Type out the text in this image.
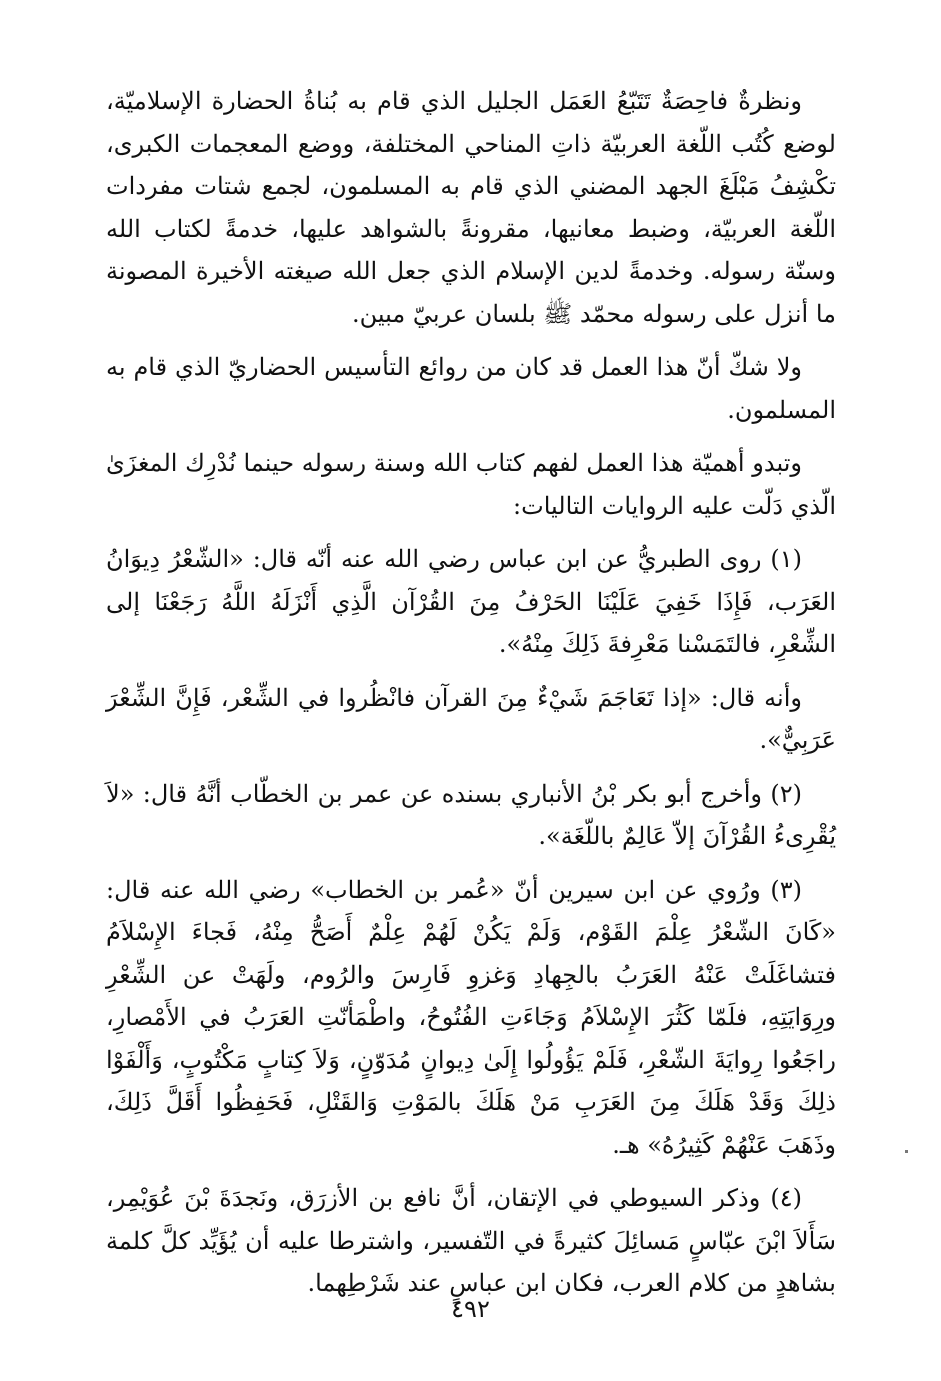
ونظرةٌ فاحِصَةٌ تَتَبّعُ العَمَل الجليل الذي قام به بُناةُ الحضارة الإسلاميّة، لوضع كُتُب اللّغة العربيّة ذاتِ المناحي المختلفة، ووضع المعجمات الكبرى، تكْشِفُ مَبْلَغَ الجهد المضني الذي قام به المسلمون، لجمع شتات مفردات اللّغة العربيّة، وضبط معانيها، مقرونةً بالشواهد عليها، خدمةً لكتاب الله وسنّة رسوله. وخدمةً لدين الإسلام الذي جعل الله صيغته الأخيرة المصونة ما أنزل على رسوله محمّد ﷺ بلسان عربيّ مبين.

ولا شكّ أنّ هذا العمل قد كان من روائع التأسيس الحضاريّ الذي قام به المسلمون.

وتبدو أهميّة هذا العمل لفهم كتاب الله وسنة رسوله حينما نُدْرِك المغزَىٰ الّذي دَلّت عليه الروايات التاليات:

(١) روى الطبريُّ عن ابن عباس رضي الله عنه أنّه قال: «الشّعْرُ دِيوَانُ العَرَب، فَإِذَا خَفِيَ عَلَيْنَا الحَرْفُ مِنَ القُرْآن الَّذِي أَنْزَلَهُ اللَّهُ رَجَعْنَا إلى الشِّعْرِ، فالتَمَسْنا مَعْرِفةَ ذَلِكَ مِنْهُ».

وأنه قال: «إذا تَعَاجَمَ شَيْءٌ مِنَ القرآن فانْظُروا في الشِّعْر، فَإِنَّ الشِّعْرَ عَرَبِيٌّ».

(٢) وأخرج أبو بكر بْنُ الأنباري بسنده عن عمر بن الخطّاب أنَّهُ قال: «لاَ يُقْرِىءُ القُرْآنَ إلاّ عَالِمٌ باللّغَة».

(٣) ورُوي عن ابن سيرين أنّ «عُمر بن الخطاب» رضي الله عنه قال: «كَانَ الشّعْرُ عِلْمَ القَوْم، وَلَمْ يَكُنْ لَهُمْ عِلْمٌ أَصَحُّ مِنْهُ، فَجاءَ الإِسْلاَمُ فتشاغَلَتْ عَنْهُ العَرَبُ بالجِهادِ وَغزوِ فَارِسَ والرُوم، ولَهَتْ عن الشِّعْرِ ورِوَايَتِهِ، فلَمّا كَثُرَ الإِسْلاَمُ وَجَاءَتِ الفُتُوحُ، واطْمَأنّتِ العَرَبُ في الأَمْصارِ، راجَعُوا رِوايَةَ الشّعْرِ، فَلَمْ يَؤُولُوا إِلَىٰ دِيوانٍ مُدَوّنٍ، وَلاَ كِتابٍ مَكْتُوبٍ، وَأَلْفَوْا ذلِكَ وَقَدْ هَلَكَ مِنَ العَرَبِ مَنْ هَلَكَ بالمَوْتِ وَالقَتْلِ، فَحَفِظُوا أَقَلَّ ذَلِكَ، وذَهَبَ عَنْهُمْ كَثِيرُهُ» هـ.

(٤) وذكر السيوطي في الإتقان، أنَّ نافع بن الأزرَق، ونَجدَةَ بْنَ عُوَيْمِر، سَأَلاَ ابْنَ عبّاسٍ مَسائِلَ كثيرةً في التّفسير، واشترطا عليه أن يُؤَيِّد كلَّ كلمة بشاهدٍ من كلام العرب، فكان ابن عباسٍ عند شَرْطِهما.

٤٩٢
